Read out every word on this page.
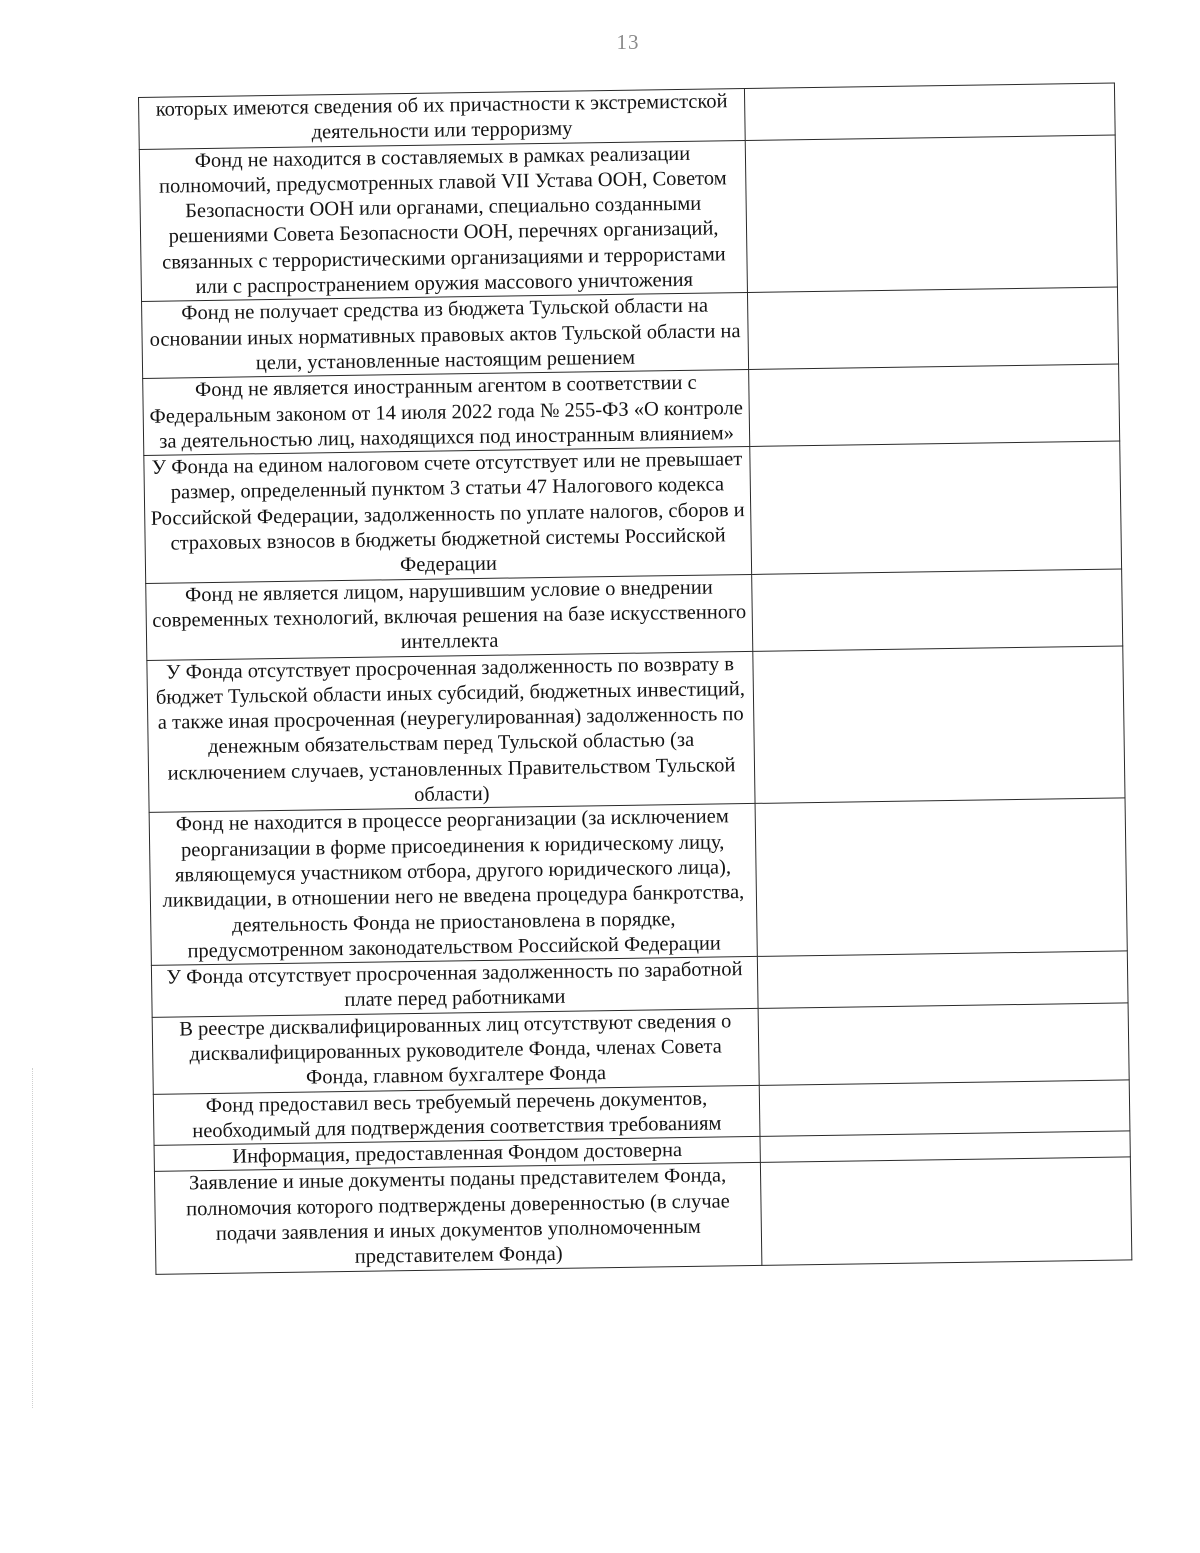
13
которых имеются сведения об их причастности к экстремистской деятельности или терроризму	
Фонд не находится в составляемых в рамках реализации полномочий, предусмотренных главой VII Устава ООН, Советом Безопасности ООН или органами, специально созданными решениями Совета Безопасности ООН, перечнях организаций, связанных с террористическими организациями и террористами или с распространением оружия массового уничтожения	
Фонд не получает средства из бюджета Тульской области на основании иных нормативных правовых актов Тульской области на цели, установленные настоящим решением	
Фонд не является иностранным агентом в соответствии с Федеральным законом от 14 июля 2022 года № 255-ФЗ «О контроле за деятельностью лиц, находящихся под иностранным влиянием»	
У Фонда на едином налоговом счете отсутствует или не превышает размер, определенный пунктом 3 статьи 47 Налогового кодекса Российской Федерации, задолженность по уплате налогов, сборов и страховых взносов в бюджеты бюджетной системы Российской Федерации	
Фонд не является лицом, нарушившим условие о внедрении современных технологий, включая решения на базе искусственного интеллекта	
У Фонда отсутствует просроченная задолженность по возврату в бюджет Тульской области иных субсидий, бюджетных инвестиций, а также иная просроченная (неурегулированная) задолженность по денежным обязательствам перед Тульской областью (за исключением случаев, установленных Правительством Тульской области)	
Фонд не находится в процессе реорганизации (за исключением реорганизации в форме присоединения к юридическому лицу, являющемуся участником отбора, другого юридического лица), ликвидации, в отношении него не введена процедура банкротства, деятельность Фонда не приостановлена в порядке, предусмотренном законодательством Российской Федерации	
У Фонда отсутствует просроченная задолженность по заработной плате перед работниками	
В реестре дисквалифицированных лиц отсутствуют сведения о дисквалифицированных руководителе Фонда, членах Совета Фонда, главном бухгалтере Фонда	
Фонд предоставил весь требуемый перечень документов, необходимый для подтверждения соответствия требованиям	
Информация, предоставленная Фондом достоверна	
Заявление и иные документы поданы представителем Фонда, полномочия которого подтверждены доверенностью (в случае подачи заявления и иных документов уполномоченным представителем Фонда)	
